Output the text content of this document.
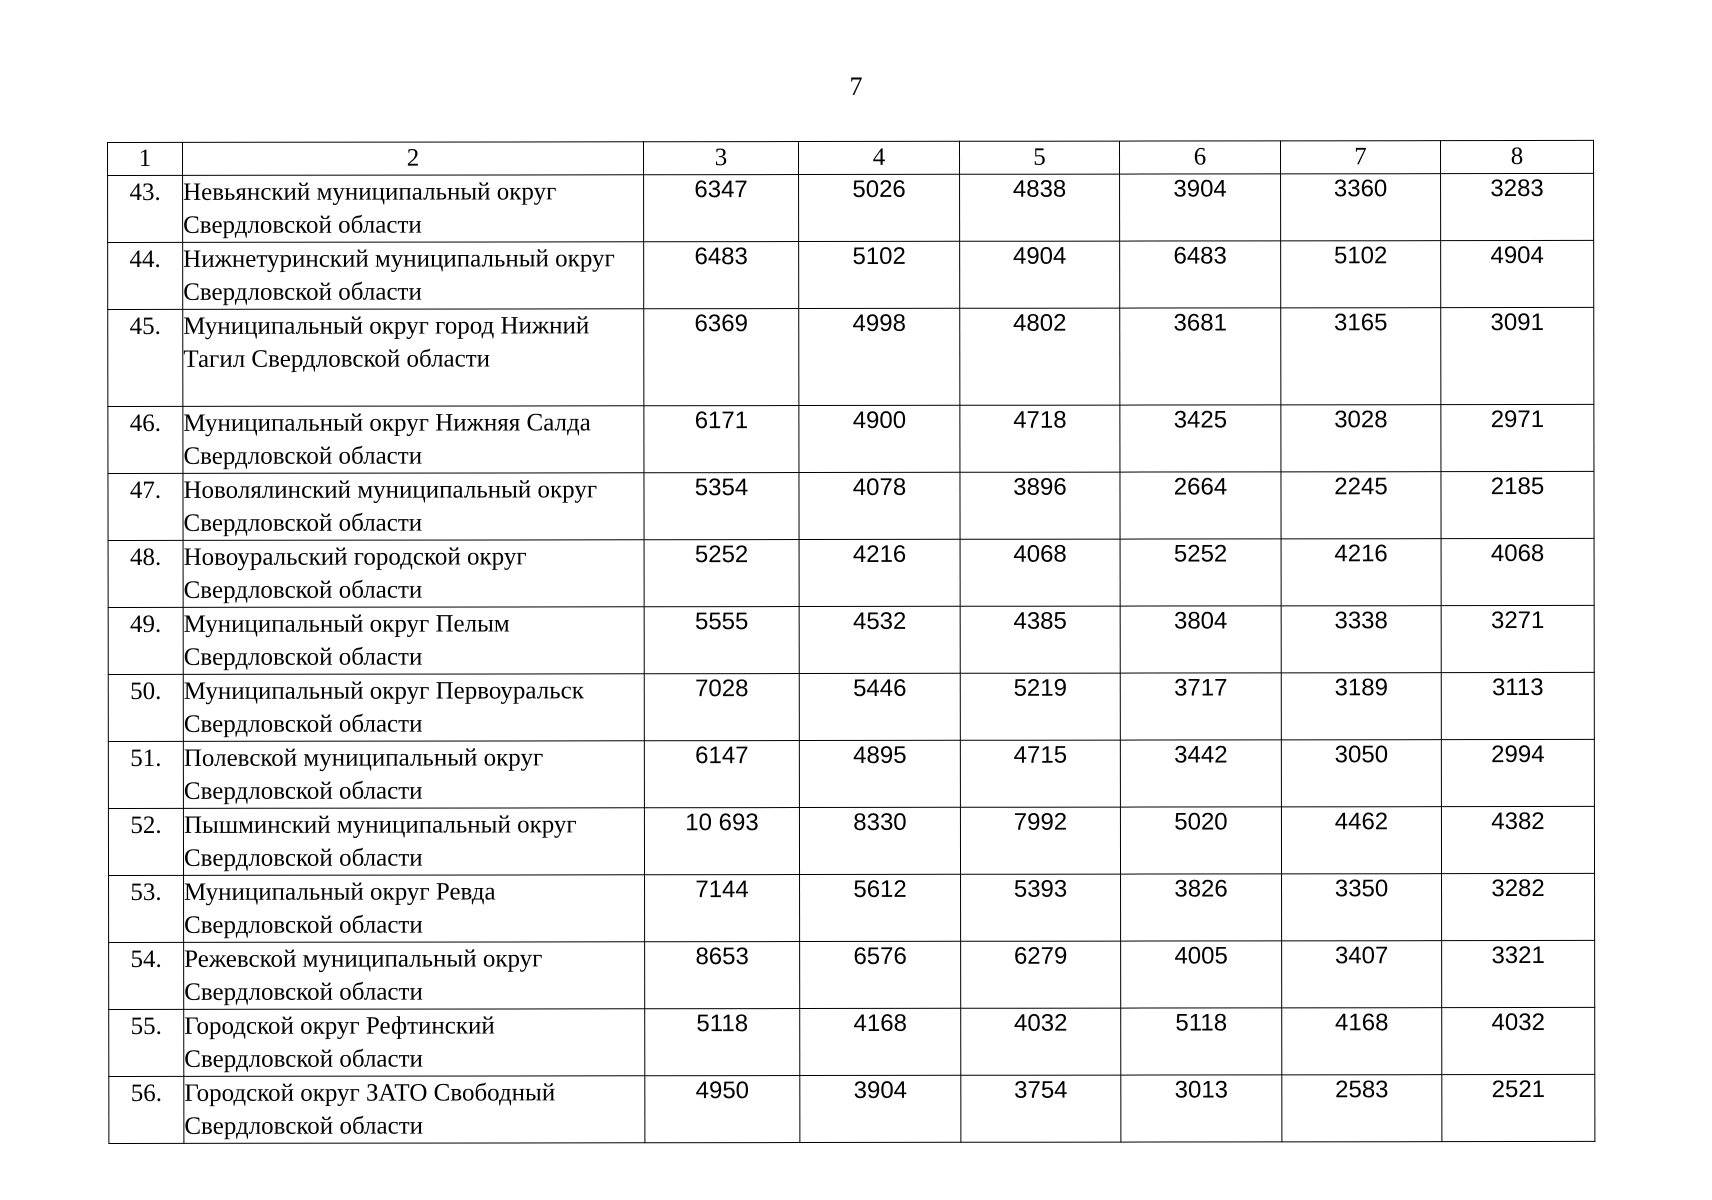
7
1	2	3	4	5	6	7	8
43.	Невьянский муниципальный округ Свердловской области	6347	5026	4838	3904	3360	3283
44.	Нижнетуринский муниципальный округ Свердловской области	6483	5102	4904	6483	5102	4904
45.	Муниципальный округ город Нижний Тагил Свердловской области	6369	4998	4802	3681	3165	3091
46.	Муниципальный округ Нижняя Салда Свердловской области	6171	4900	4718	3425	3028	2971
47.	Новолялинский муниципальный округ Свердловской области	5354	4078	3896	2664	2245	2185
48.	Новоуральский городской округ Свердловской области	5252	4216	4068	5252	4216	4068
49.	Муниципальный округ Пелым Свердловской области	5555	4532	4385	3804	3338	3271
50.	Муниципальный округ Первоуральск Свердловской области	7028	5446	5219	3717	3189	3113
51.	Полевской муниципальный округ Свердловской области	6147	4895	4715	3442	3050	2994
52.	Пышминский муниципальный округ Свердловской области	10 693	8330	7992	5020	4462	4382
53.	Муниципальный округ Ревда Свердловской области	7144	5612	5393	3826	3350	3282
54.	Режевской муниципальный округ Свердловской области	8653	6576	6279	4005	3407	3321
55.	Городской округ Рефтинский Свердловской области	5118	4168	4032	5118	4168	4032
56.	Городской округ ЗАТО Свободный Свердловской области	4950	3904	3754	3013	2583	2521
